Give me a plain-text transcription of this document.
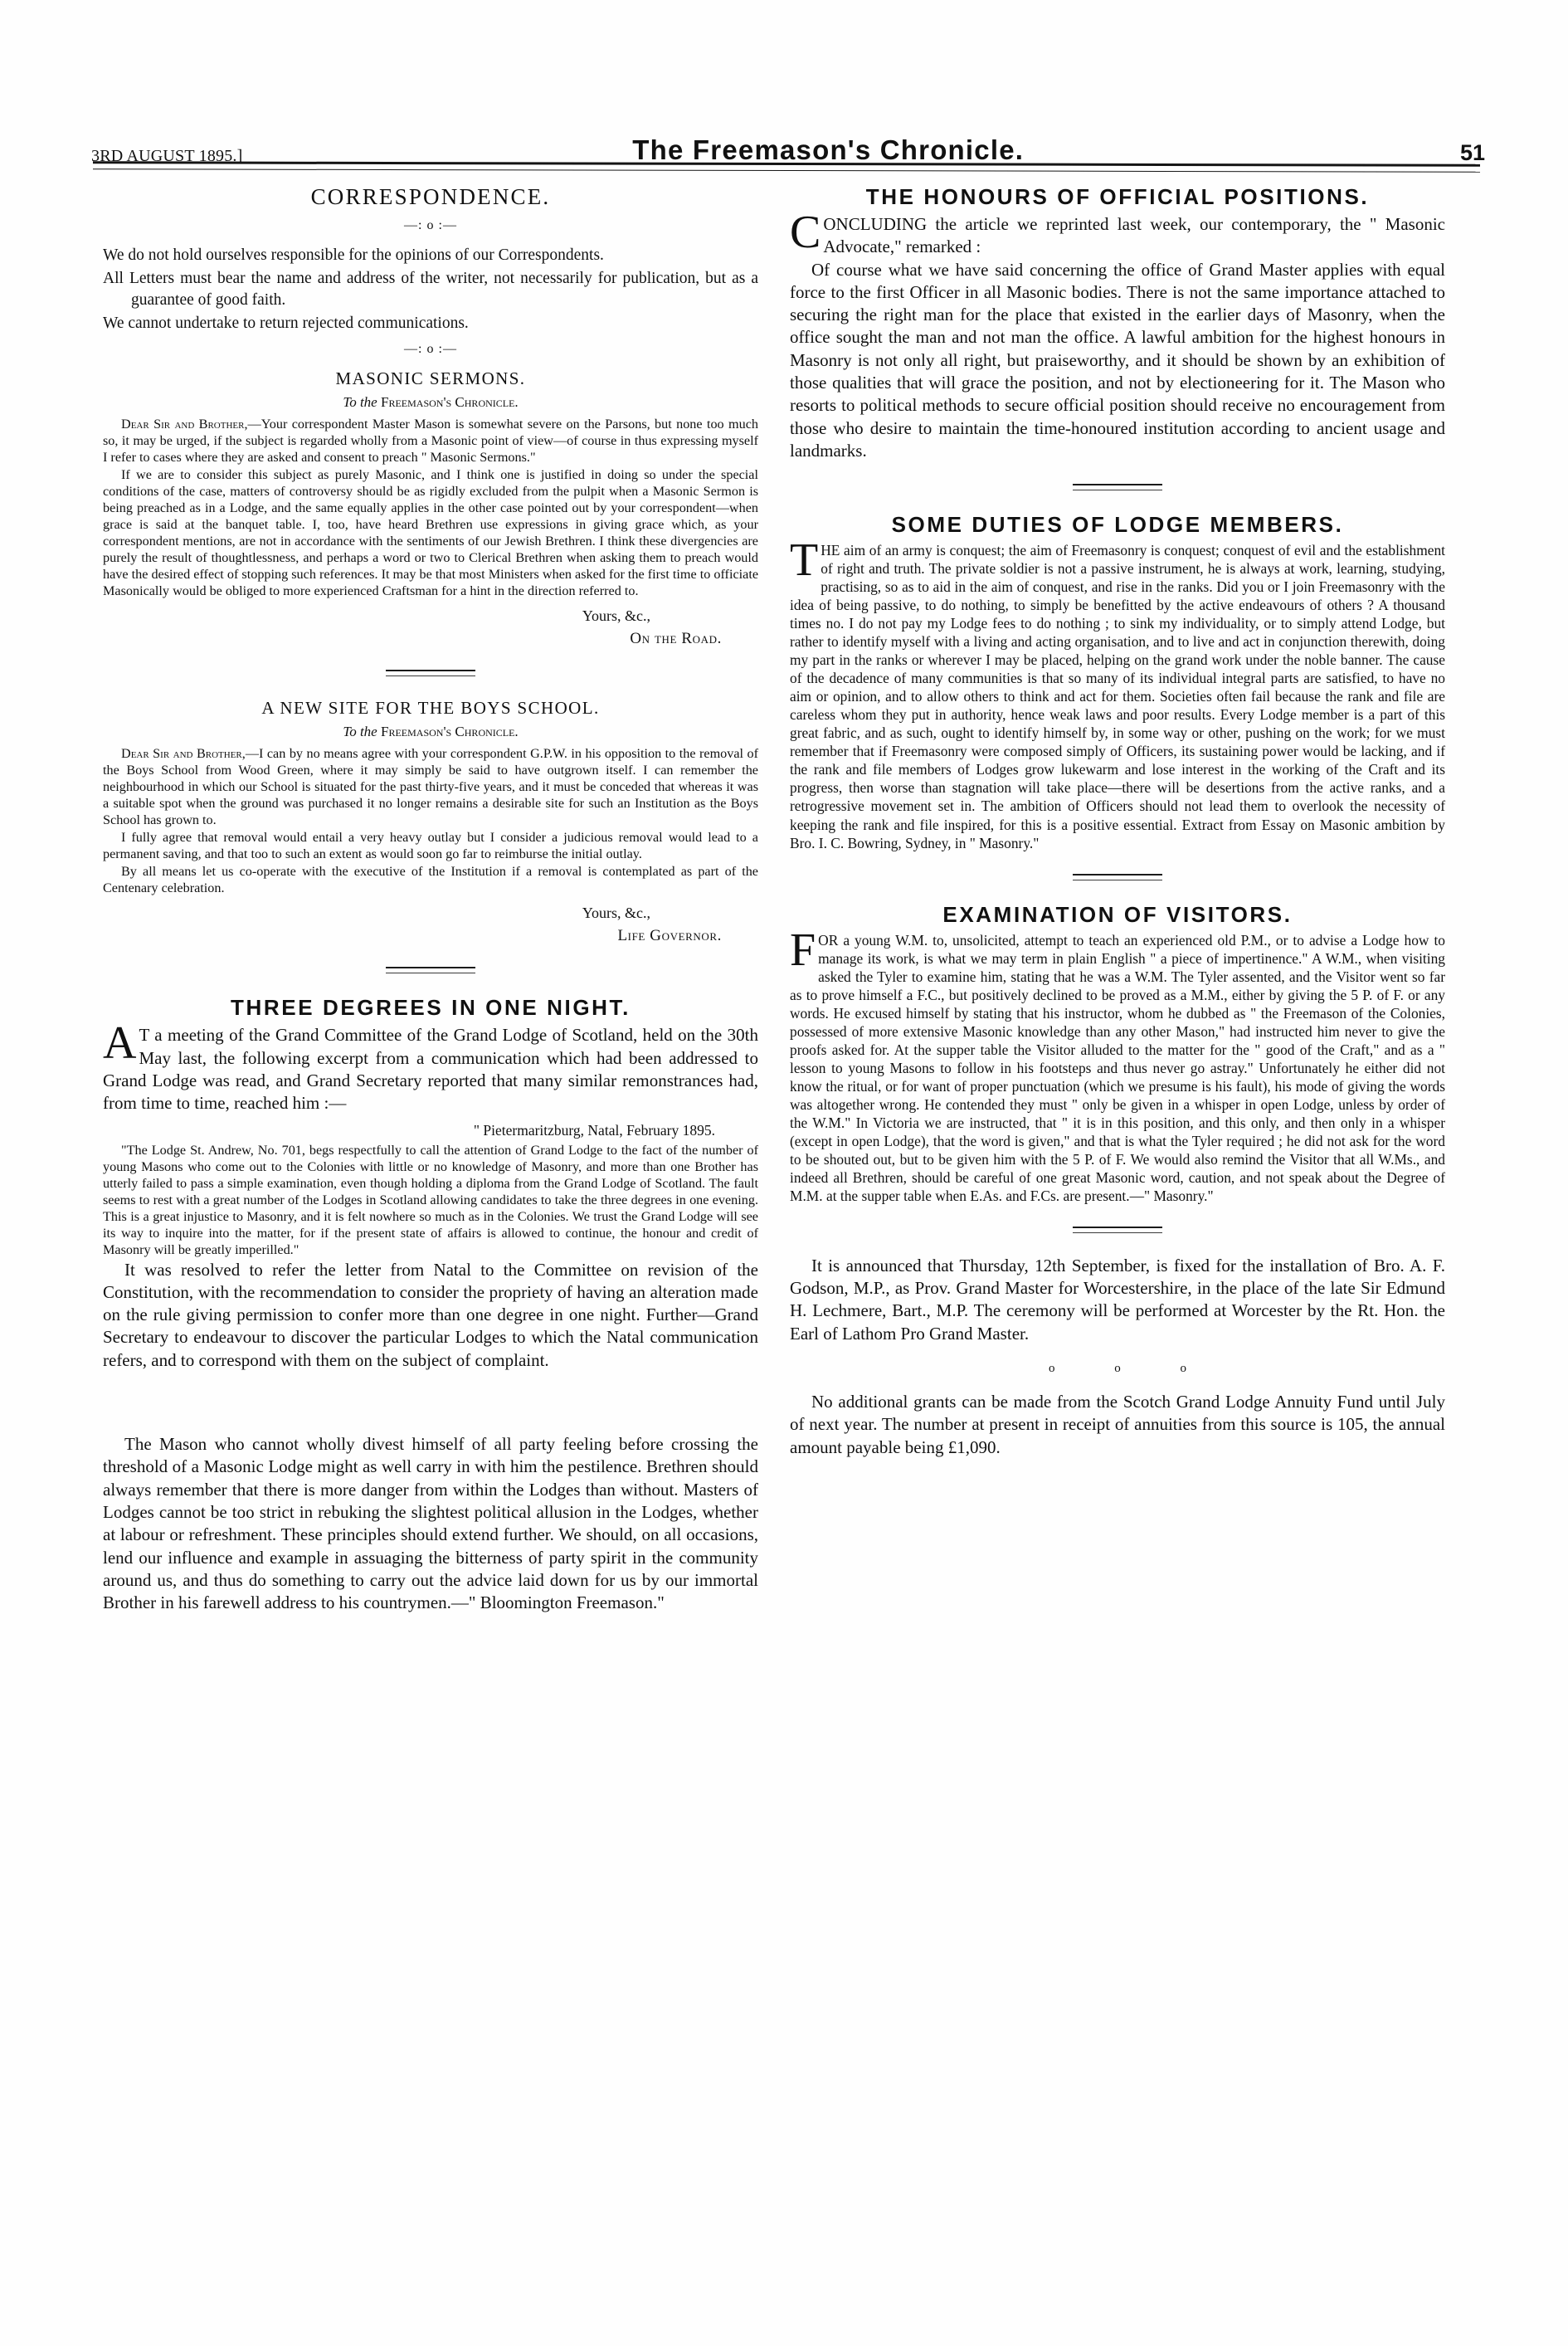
3RD AUGUST 1895.]	The Freemason's Chronicle.	51
CORRESPONDENCE.
—: o :—

We do not hold ourselves responsible for the opinions of our Correspondents.

All Letters must bear the name and address of the writer, not necessarily for publication, but as a guarantee of good faith.

We cannot undertake to return rejected communications.

—: o :—
MASONIC SERMONS.
To the Freemason's Chronicle.

Dear Sir and Brother,—Your correspondent Master Mason is somewhat severe on the Parsons, but none too much so, it may be urged, if the subject is regarded wholly from a Masonic point of view—of course in thus expressing myself I refer to cases where they are asked and consent to preach " Masonic Sermons."

If we are to consider this subject as purely Masonic, and I think one is justified in doing so under the special conditions of the case, matters of controversy should be as rigidly excluded from the pulpit when a Masonic Sermon is being preached as in a Lodge, and the same equally applies in the other case pointed out by your correspondent—when grace is said at the banquet table. I, too, have heard Brethren use expressions in giving grace which, as your correspondent mentions, are not in accordance with the sentiments of our Jewish Brethren. I think these divergencies are purely the result of thoughtlessness, and perhaps a word or two to Clerical Brethren when asking them to preach would have the desired effect of stopping such references. It may be that most Ministers when asked for the first time to officiate Masonically would be obliged to more experienced Craftsman for a hint in the direction referred to.

Yours, &c.,
On the Road.
A NEW SITE FOR THE BOYS SCHOOL.
To the Freemason's Chronicle.

Dear Sir and Brother,—I can by no means agree with your correspondent G.P.W. in his opposition to the removal of the Boys School from Wood Green, where it may simply be said to have outgrown itself. I can remember the neighbourhood in which our School is situated for the past thirty-five years, and it must be conceded that whereas it was a suitable spot when the ground was purchased it no longer remains a desirable site for such an Institution as the Boys School has grown to.

I fully agree that removal would entail a very heavy outlay but I consider a judicious removal would lead to a permanent saving, and that too to such an extent as would soon go far to reimburse the initial outlay.

By all means let us co-operate with the executive of the Institution if a removal is contemplated as part of the Centenary celebration.

Yours, &c.,
Life Governor.
THREE DEGREES IN ONE NIGHT.
A T a meeting of the Grand Committee of the Grand Lodge of Scotland, held on the 30th May last, the following excerpt from a communication which had been addressed to Grand Lodge was read, and Grand Secretary reported that many similar remonstrances had, from time to time, reached him :—

" Pietermaritzburg, Natal, February 1895.

"The Lodge St. Andrew, No. 701, begs respectfully to call the attention of Grand Lodge to the fact of the number of young Masons who come out to the Colonies with little or no knowledge of Masonry, and more than one Brother has utterly failed to pass a simple examination, even though holding a diploma from the Grand Lodge of Scotland. The fault seems to rest with a great number of the Lodges in Scotland allowing candidates to take the three degrees in one evening. This is a great injustice to Masonry, and it is felt nowhere so much as in the Colonies. We trust the Grand Lodge will see its way to inquire into the matter, for if the present state of affairs is allowed to continue, the honour and credit of Masonry will be greatly imperilled."

It was resolved to refer the letter from Natal to the Committee on revision of the Constitution, with the recommendation to consider the propriety of having an alteration made on the rule giving permission to confer more than one degree in one night. Further—Grand Secretary to endeavour to discover the particular Lodges to which the Natal communication refers, and to correspond with them on the subject of complaint.

The Mason who cannot wholly divest himself of all party feeling before crossing the threshold of a Masonic Lodge might as well carry in with him the pestilence. Brethren should always remember that there is more danger from within the Lodges than without. Masters of Lodges cannot be too strict in rebuking the slightest political allusion in the Lodges, whether at labour or refreshment. These principles should extend further. We should, on all occasions, lend our influence and example in assuaging the bitterness of party spirit in the community around us, and thus do something to carry out the advice laid down for us by our immortal Brother in his farewell address to his countrymen.—" Bloomington Freemason."

THE HONOURS OF OFFICIAL POSITIONS.
C ONCLUDING the article we reprinted last week, our contemporary, the " Masonic Advocate," remarked :

Of course what we have said concerning the office of Grand Master applies with equal force to the first Officer in all Masonic bodies. There is not the same importance attached to securing the right man for the place that existed in the earlier days of Masonry, when the office sought the man and not man the office. A lawful ambition for the highest honours in Masonry is not only all right, but praiseworthy, and it should be shown by an exhibition of those qualities that will grace the position, and not by electioneering for it. The Mason who resorts to political methods to secure official position should receive no encouragement from those who desire to maintain the time-honoured institution according to ancient usage and landmarks.

SOME DUTIES OF LODGE MEMBERS.
T HE aim of an army is conquest; the aim of Freemasonry is conquest; conquest of evil and the establishment of right and truth. The private soldier is not a passive instrument, he is always at work, learning, studying, practising, so as to aid in the aim of conquest, and rise in the ranks. Did you or I join Freemasonry with the idea of being passive, to do nothing, to simply be benefitted by the active endeavours of others ? A thousand times no. I do not pay my Lodge fees to do nothing ; to sink my individuality, or to simply attend Lodge, but rather to identify myself with a living and acting organisation, and to live and act in conjunction therewith, doing my part in the ranks or wherever I may be placed, helping on the grand work under the noble banner. The cause of the decadence of many communities is that so many of its individual integral parts are satisfied, to have no aim or opinion, and to allow others to think and act for them. Societies often fail because the rank and file are careless whom they put in authority, hence weak laws and poor results. Every Lodge member is a part of this great fabric, and as such, ought to identify himself by, in some way or other, pushing on the work; for we must remember that if Freemasonry were composed simply of Officers, its sustaining power would be lacking, and if the rank and file members of Lodges grow lukewarm and lose interest in the working of the Craft and its progress, then worse than stagnation will take place—there will be desertions from the active ranks, and a retrogressive movement set in. The ambition of Officers should not lead them to overlook the necessity of keeping the rank and file inspired, for this is a positive essential. Extract from Essay on Masonic ambition by Bro. I. C. Bowring, Sydney, in " Masonry."

EXAMINATION OF VISITORS.
F OR a young W.M. to, unsolicited, attempt to teach an experienced old P.M., or to advise a Lodge how to manage its work, is what we may term in plain English " a piece of impertinence." A W.M., when visiting asked the Tyler to examine him, stating that he was a W.M. The Tyler assented, and the Visitor went so far as to prove himself a F.C., but positively declined to be proved as a M.M., either by giving the 5 P. of F. or any words. He excused himself by stating that his instructor, whom he dubbed as " the Freemason of the Colonies, possessed of more extensive Masonic knowledge than any other Mason," had instructed him never to give the proofs asked for. At the supper table the Visitor alluded to the matter for the " good of the Craft," and as a " lesson to young Masons to follow in his footsteps and thus never go astray." Unfortunately he either did not know the ritual, or for want of proper punctuation (which we presume is his fault), his mode of giving the words was altogether wrong. He contended they must " only be given in a whisper in open Lodge, unless by order of the W.M." In Victoria we are instructed, that " it is in this position, and this only, and then only in a whisper (except in open Lodge), that the word is given," and that is what the Tyler required ; he did not ask for the word to be shouted out, but to be given him with the 5 P. of F. We would also remind the Visitor that all W.Ms., and indeed all Brethren, should be careful of one great Masonic word, caution, and not speak about the Degree of M.M. at the supper table when E.As. and F.Cs. are present.—" Masonry."

It is announced that Thursday, 12th September, is fixed for the installation of Bro. A. F. Godson, M.P., as Prov. Grand Master for Worcestershire, in the place of the late Sir Edmund H. Lechmere, Bart., M.P. The ceremony will be performed at Worcester by the Rt. Hon. the Earl of Lathom Pro Grand Master.

o o o

No additional grants can be made from the Scotch Grand Lodge Annuity Fund until July of next year. The number at present in receipt of annuities from this source is 105, the annual amount payable being £1,090.
